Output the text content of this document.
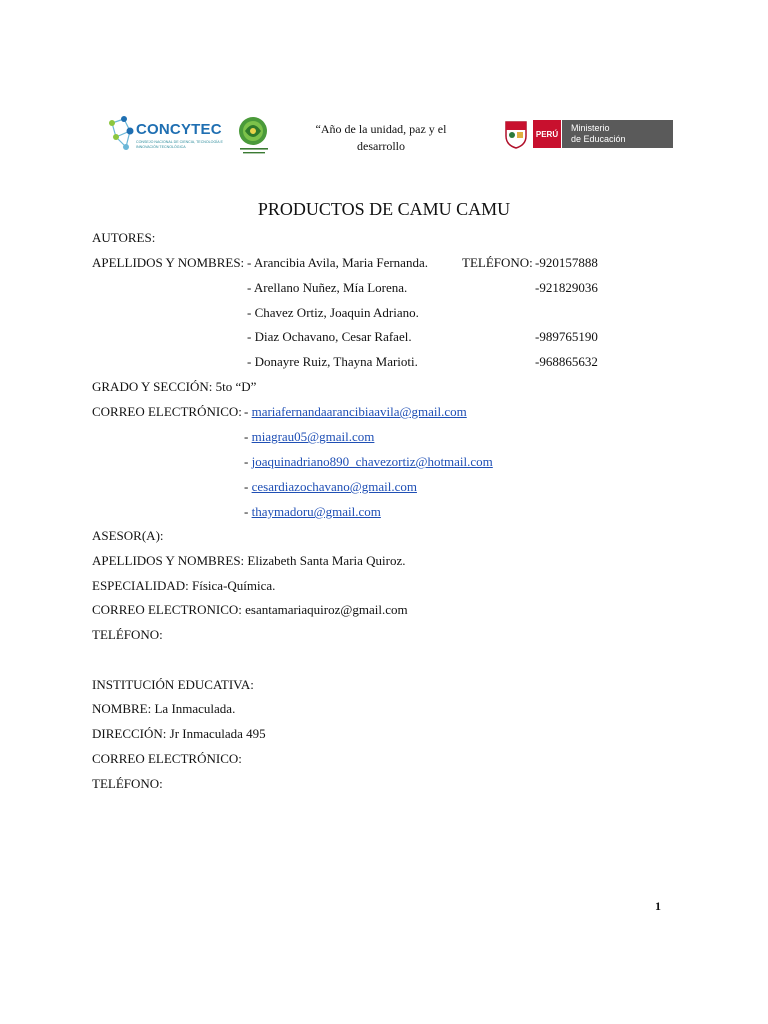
CONCYTEC
CONSEJO NACIONAL DE CIENCIA, TECNOLOGÍA E INNOVACIÓN TECNOLÓGICA
“Año de la unidad, paz y el desarrollo
PERÚ
Ministerio
de Educación
PRODUCTOS DE CAMU CAMU
AUTORES:
APELLIDOS Y NOMBRES:	TELÉFONO:
- Arancibia Avila, Maria Fernanda.	-920157888
- Arellano Nuñez, Mía Lorena.	-921829036
- Chavez Ortiz, Joaquin Adriano.
- Diaz Ochavano, Cesar Rafael.	-989765190
- Donayre Ruiz, Thayna Marioti.	-968865632
GRADO Y SECCIÓN: 5to “D”
CORREO ELECTRÓNICO: - mariafernandaarancibiaavila@gmail.com
- miagrau05@gmail.com
- joaquinadriano890_chavezortiz@hotmail.com
- cesardiazochavano@gmail.com
- thaymadoru@gmail.com
ASESOR(A):
APELLIDOS Y NOMBRES: Elizabeth Santa Maria Quiroz.
ESPECIALIDAD: Física-Química.
CORREO ELECTRONICO: esantamariaquiroz@gmail.com
TELÉFONO:
INSTITUCIÓN EDUCATIVA:
NOMBRE: La Inmaculada.
DIRECCIÓN: Jr Inmaculada 495
CORREO ELECTRÓNICO:
TELÉFONO:
1
